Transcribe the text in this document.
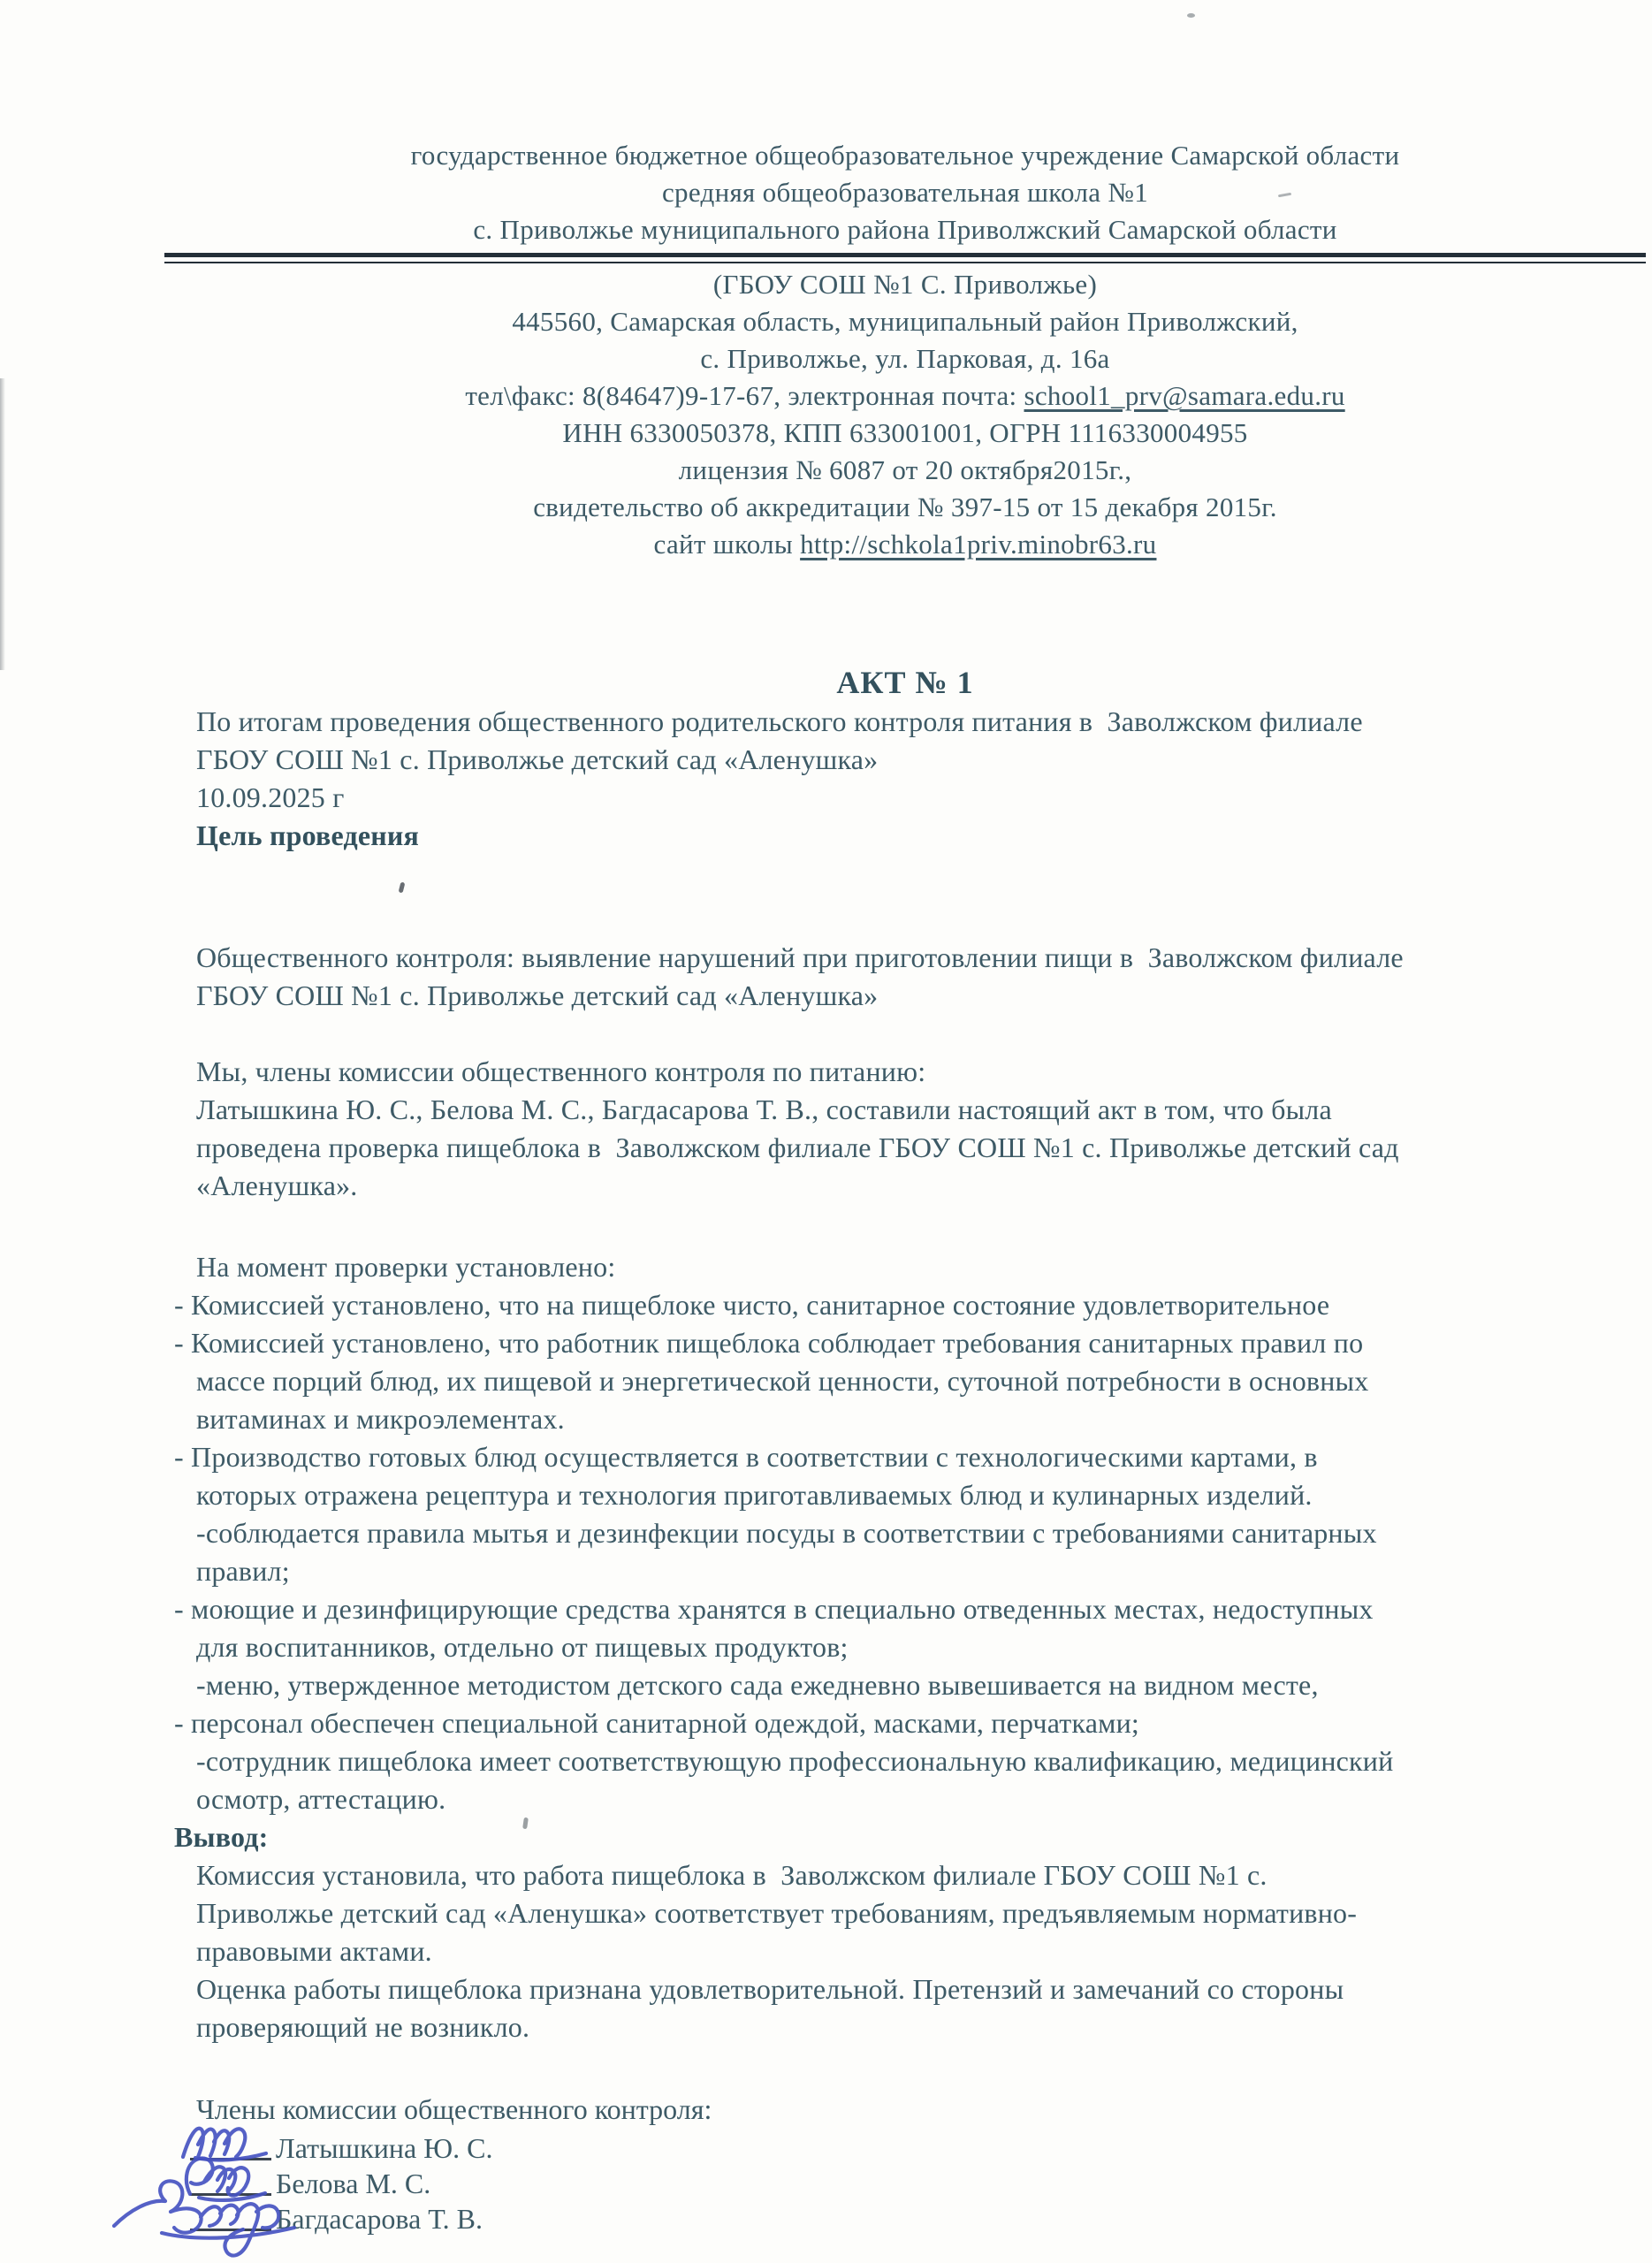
государственное бюджетное общеобразовательное учреждение Самарской области
средняя общеобразовательная школа №1
с. Приволжье муниципального района Приволжский Самарской области
(ГБОУ СОШ №1 С. Приволжье)
445560, Самарская область, муниципальный район Приволжский,
с. Приволжье, ул. Парковая, д. 16а
тел\факс: 8(84647)9-17-67, электронная почта: school1_prv@samara.edu.ru
ИНН 6330050378, КПП 633001001, ОГРН 1116330004955
лицензия № 6087 от 20 октября2015г.,
свидетельство об аккредитации № 397-15 от 15 декабря 2015г.
сайт школы http://schkola1priv.minobr63.ru
АКТ № 1
По итогам проведения общественного родительского контроля питания в  Заволжском филиале
ГБОУ СОШ №1 с. Приволжье детский сад «Аленушка»
10.09.2025 г
Цель проведения
Общественного контроля: выявление нарушений при приготовлении пищи в  Заволжском филиале
ГБОУ СОШ №1 с. Приволжье детский сад «Аленушка»
Мы, члены комиссии общественного контроля по питанию:
Латышкина Ю. С., Белова М. С., Багдасарова Т. В., составили настоящий акт в том, что была
проведена проверка пищеблока в  Заволжском филиале ГБОУ СОШ №1 с. Приволжье детский сад
«Аленушка».
На момент проверки установлено:
- Комиссией установлено, что на пищеблоке чисто, санитарное состояние удовлетворительное
- Комиссией установлено, что работник пищеблока соблюдает требования санитарных правил по
массе порций блюд, их пищевой и энергетической ценности, суточной потребности в основных
витаминах и микроэлементах.
- Производство готовых блюд осуществляется в соответствии с технологическими картами, в
которых отражена рецептура и технология приготавливаемых блюд и кулинарных изделий.
-соблюдается правила мытья и дезинфекции посуды в соответствии с требованиями санитарных
правил;
- моющие и дезинфицирующие средства хранятся в специально отведенных местах, недоступных
для воспитанников, отдельно от пищевых продуктов;
-меню, утвержденное методистом детского сада ежедневно вывешивается на видном месте,
- персонал обеспечен специальной санитарной одеждой, масками, перчатками;
-сотрудник пищеблока имеет соответствующую профессиональную квалификацию, медицинский
осмотр, аттестацию.
Вывод:
Комиссия установила, что работа пищеблока в  Заволжском филиале ГБОУ СОШ №1 с.
Приволжье детский сад «Аленушка» соответствует требованиям, предъявляемым нормативно-
правовыми актами.
Оценка работы пищеблока признана удовлетворительной. Претензий и замечаний со стороны
проверяющий не возникло.
Члены комиссии общественного контроля:
Латышкина Ю. С.
Белова М. С.
Багдасарова Т. В.
